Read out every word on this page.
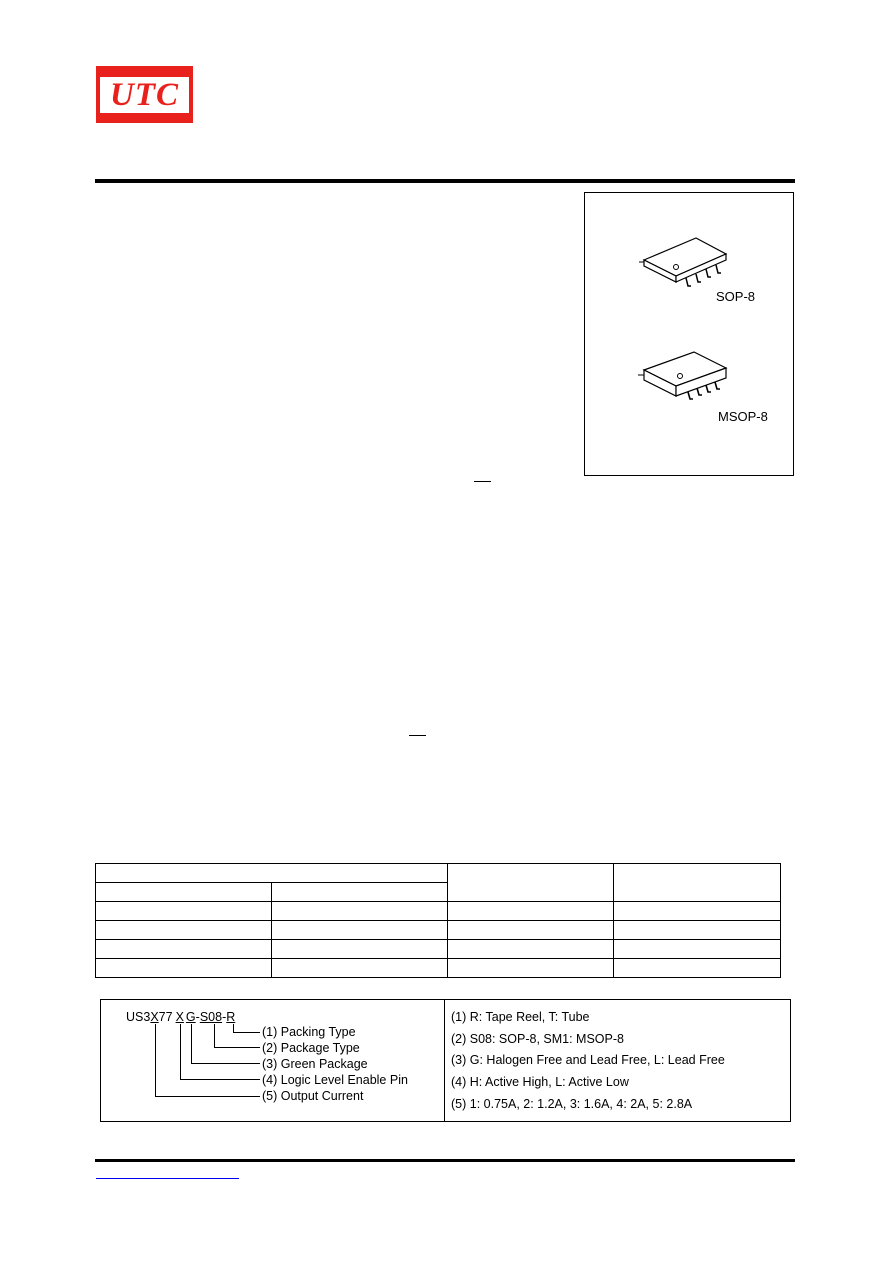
UTC
SOP-8
MSOP-8

US3X77 X G-S08-R
(1) Packing Type
(2) Package Type
(3) Green Package
(4) Logic Level Enable Pin
(5) Output Current
(1) R: Tape Reel, T: Tube
(2) S08: SOP-8, SM1: MSOP-8
(3) G: Halogen Free and Lead Free, L: Lead Free
(4) H: Active High, L: Active Low
(5) 1: 0.75A, 2: 1.2A, 3: 1.6A, 4: 2A, 5: 2.8A
